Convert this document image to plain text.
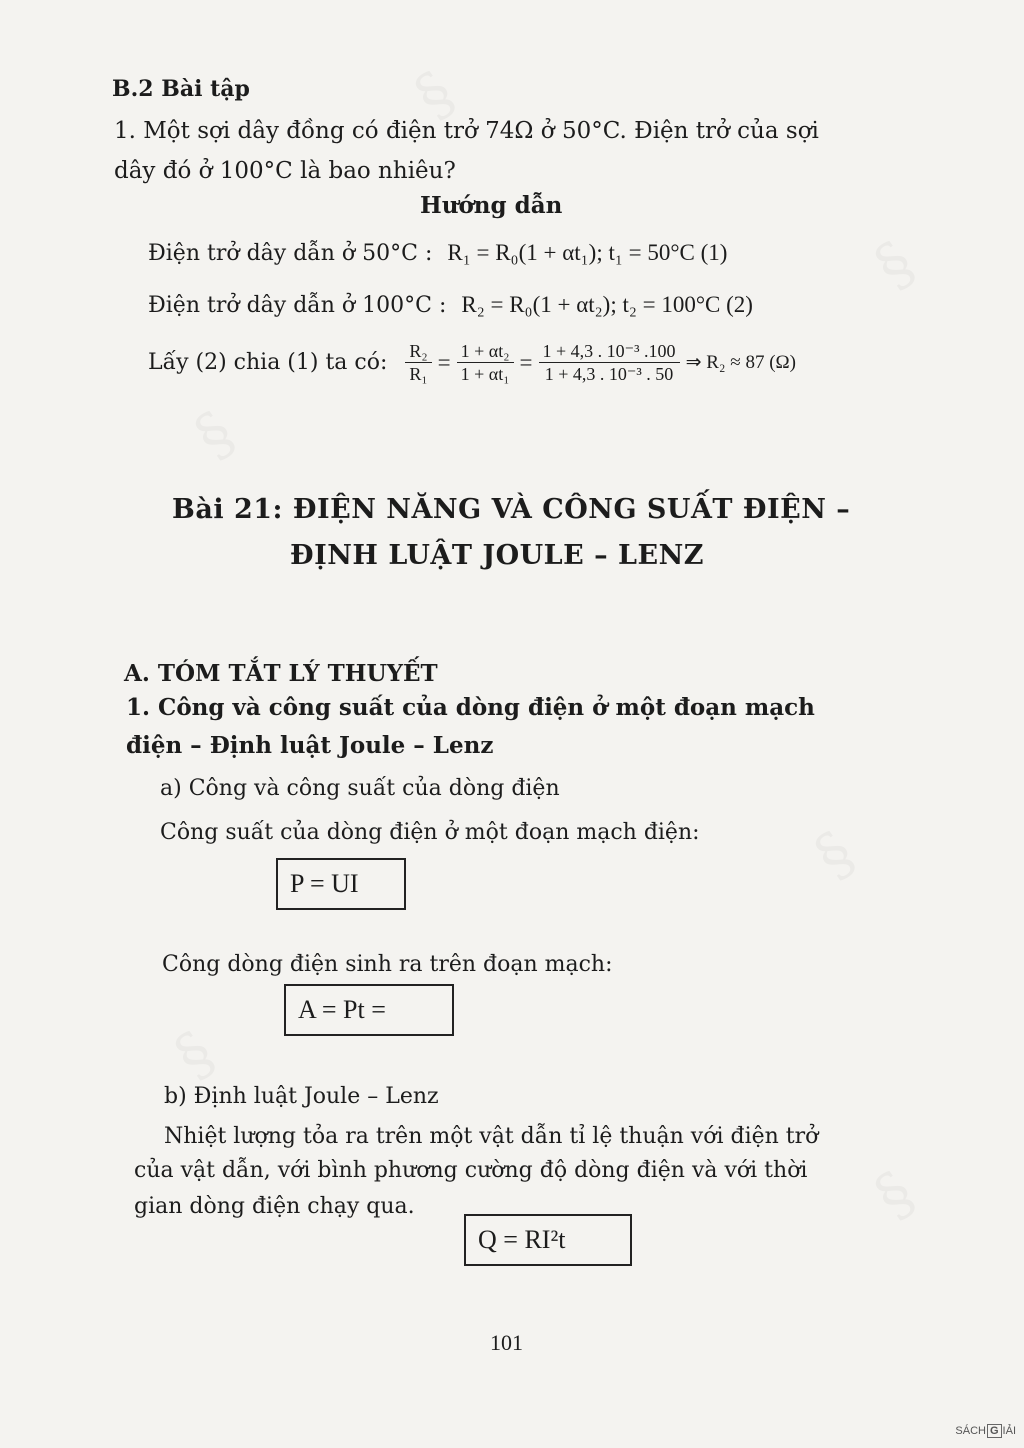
B.2 Bài tập
1. Một sợi dây đồng có điện trở 74Ω ở 50°C. Điện trở của sợi
dây đó ở 100°C là bao nhiêu?
Hướng dẫn
Điện trở dây dẫn ở 50°C : R₁ = R₀(1 + αt₁); t₁ = 50°C (1)
Điện trở dây dẫn ở 100°C : R₂ = R₀(1 + αt₂); t₂ = 100°C (2)
Lấy (2) chia (1) ta có: $\frac{\text{R₂}}{\text{R₁}} = \frac{\text{1 + αt₂}}{\text{1 + αt₁}} = \frac{\text{1 + 4,3 . 10⁻³ .100}}{\text{1 + 4,3 . 10⁻³ . 50}}$ ⇒ R₂ ≈ 87 (Ω)
Bài 21: ĐIỆN NĂNG VÀ CÔNG SUẤT ĐIỆN –
ĐỊNH LUẬT JOULE – LENZ
A. TÓM TẮT LÝ THUYẾT
1. Công và công suất của dòng điện ở một đoạn mạch
điện – Định luật Joule – Lenz
a) Công và công suất của dòng điện
Công suất của dòng điện ở một đoạn mạch điện:
P = UI
Công dòng điện sinh ra trên đoạn mạch:
A = Pt =
b) Định luật Joule – Lenz
Nhiệt lượng tỏa ra trên một vật dẫn tỉ lệ thuận với điện trở
của vật dẫn, với bình phương cường độ dòng điện và với thời
gian dòng điện chạy qua.
Q = RI²t
101
SÁCH G IẢI
